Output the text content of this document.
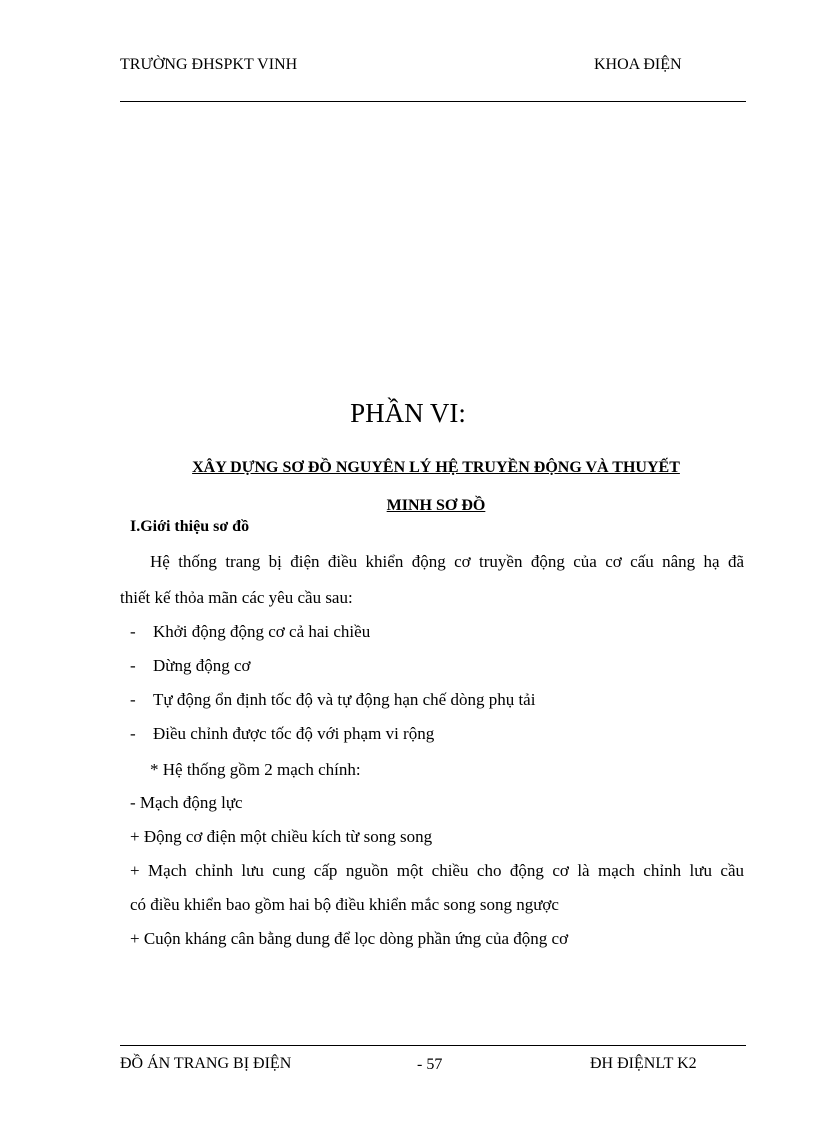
TRƯỜNG ĐHSPKT VINH	KHOA ĐIỆN
PHẦN VI:
XÂY DỰNG SƠ ĐỒ NGUYÊN LÝ HỆ TRUYỀN ĐỘNG VÀ THUYẾT
MINH SƠ ĐỒ
I.Giới thiệu sơ đồ
Hệ thống trang bị điện điều khiển động cơ truyền động của cơ cấu nâng hạ đã
thiết kế thỏa mãn các yêu cầu sau:
- Khởi động động cơ cả hai chiều
- Dừng động cơ
- Tự động ổn định tốc độ và tự động hạn chế dòng phụ tải
- Điều chỉnh được tốc độ với phạm vi rộng
* Hệ thống gồm 2 mạch chính:
- Mạch động lực
+ Động cơ điện một chiều kích từ song song
+ Mạch chỉnh lưu cung cấp nguồn một chiều cho động cơ là mạch chỉnh lưu cầu
có điều khiển bao gồm hai bộ điều khiển mắc song song ngược
+ Cuộn kháng cân bằng dung để lọc dòng phần ứng của động cơ
ĐỒ ÁN TRANG BỊ ĐIỆN	- 57	ĐH ĐIỆNLT K2
